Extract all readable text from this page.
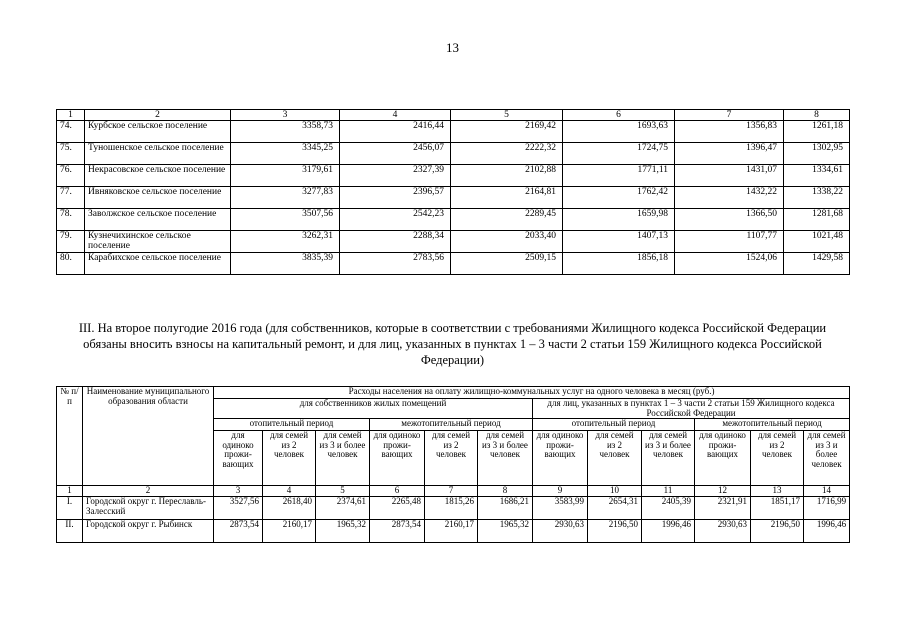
13
1	2	3	4	5	6	7	8
74.	Курбское сельское поселение	3358,73	2416,44	2169,42	1693,63	1356,83	1261,18
75.	Туношенское сельское поселение	3345,25	2456,07	2222,32	1724,75	1396,47	1302,95
76.	Некрасовское сельское поселение	3179,61	2327,39	2102,88	1771,11	1431,07	1334,61
77.	Ивняковское сельское поселение	3277,83	2396,57	2164,81	1762,42	1432,22	1338,22
78.	Заволжское сельское поселение	3507,56	2542,23	2289,45	1659,98	1366,50	1281,68
79.	Кузнечихинское сельское поселение	3262,31	2288,34	2033,40	1407,13	1107,77	1021,48
80.	Карабихское сельское поселение	3835,39	2783,56	2509,15	1856,18	1524,06	1429,58
III. На второе полугодие 2016 года (для собственников, которые в соответствии с требованиями Жилищного кодекса Российской Федерации обязаны вносить взносы на капитальный ремонт, и для лиц, указанных в пунктах 1 – 3 части 2 статьи 159 Жилищного кодекса Российской Федерации)
№ п/п	Наименование муниципального образования области	Расходы населения на оплату жилищно-коммунальных услуг на одного человека в месяц (руб.)											
		для собственников жилых помещений						для лиц, указанных в пунктах 1 – 3 части 2 статьи 159 Жилищного кодекса Российской Федерации					
		отопительный период			межотопительный период			отопительный период			межотопительный период		
		для одиноко прожи-вающих	для семей из 2 человек	для семей из 3 и более человек	для одиноко прожи-вающих	для семей из 2 человек	для семей из 3 и более человек	для одиноко прожи-вающих	для семей из 2 человек	для семей из 3 и более человек	для одиноко прожи-вающих	для семей из 2 человек	для семей из 3 и более человек
1	2	3	4	5	6	7	8	9	10	11	12	13	14
I.	Городской округ г. Переславль-Залесский	3527,56	2618,40	2374,61	2265,48	1815,26	1686,21	3583,99	2654,31	2405,39	2321,91	1851,17	1716,99
II.	Городской округ г. Рыбинск	2873,54	2160,17	1965,32	2873,54	2160,17	1965,32	2930,63	2196,50	1996,46	2930,63	2196,50	1996,46
